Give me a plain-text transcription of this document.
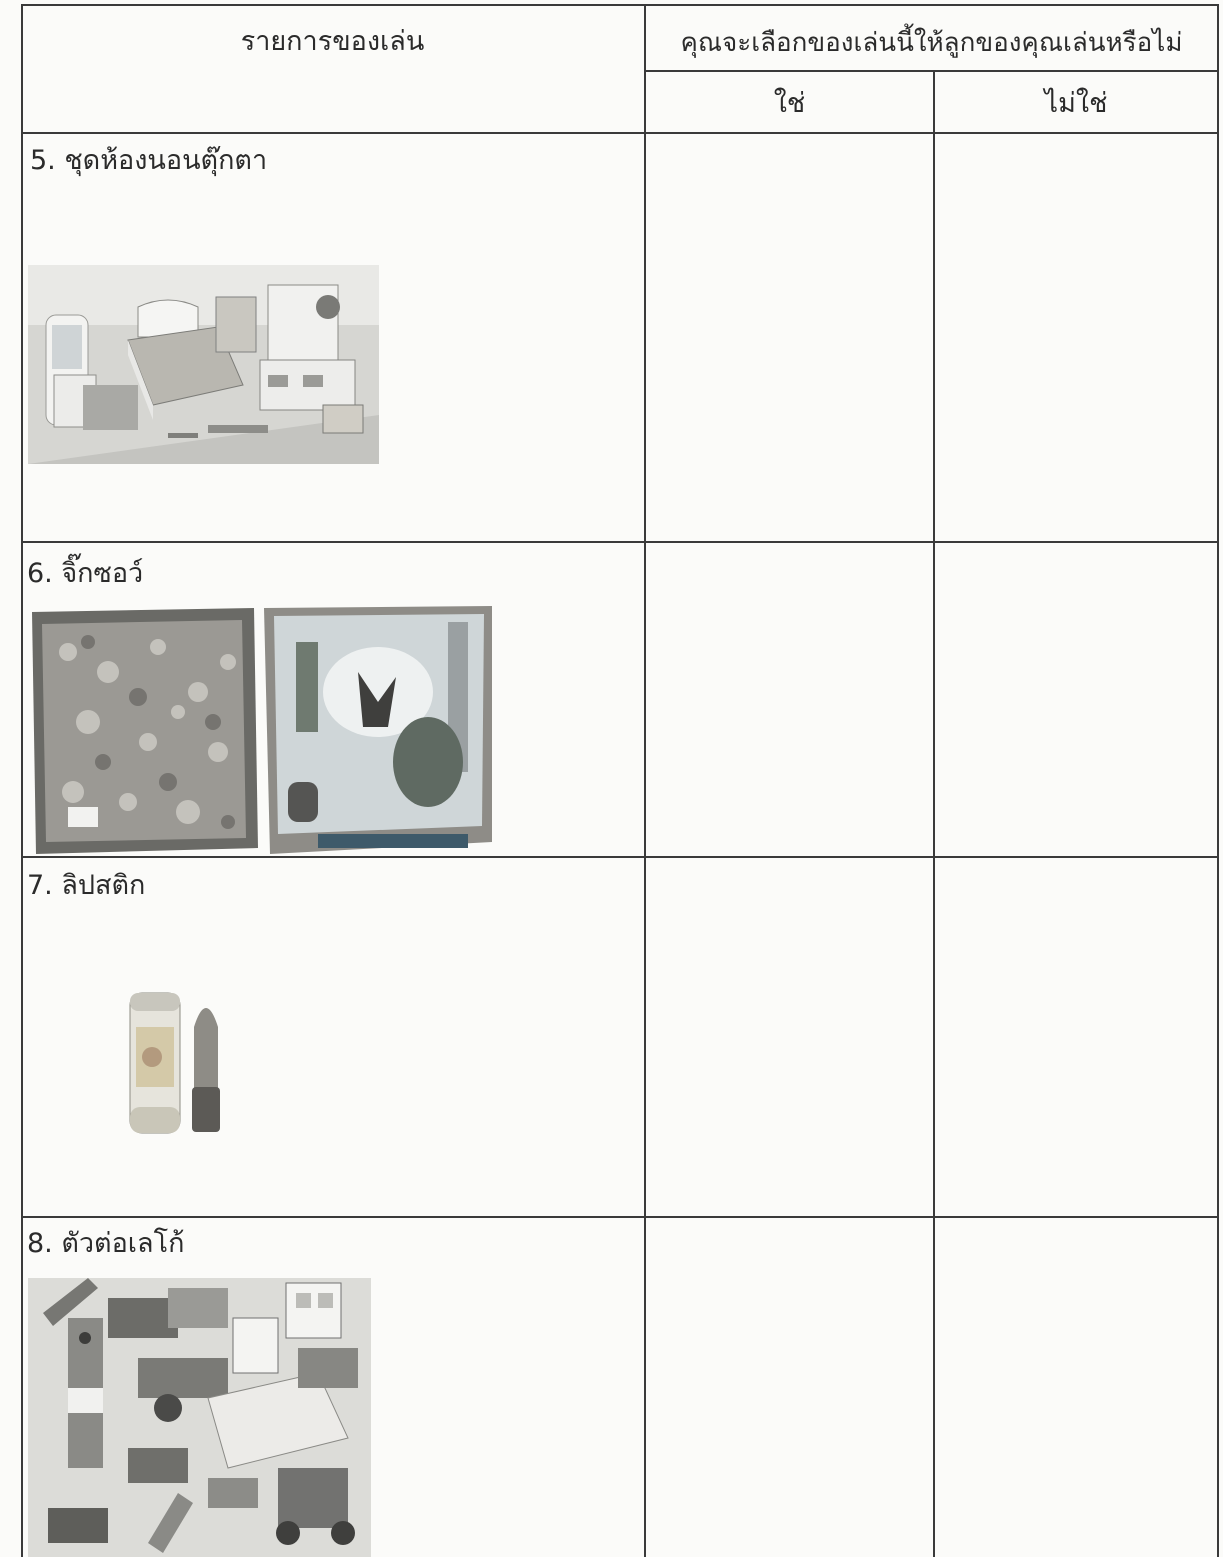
รายการของเล่น	คุณจะเลือกของเล่นนี้ให้ลูกของคุณเล่นหรือไม่
ใช่	ไม่ใช่
5. ชุดห้องนอนตุ๊กตา
6. จิ๊กซอว์
7. ลิปสติก
8. ตัวต่อเลโก้
